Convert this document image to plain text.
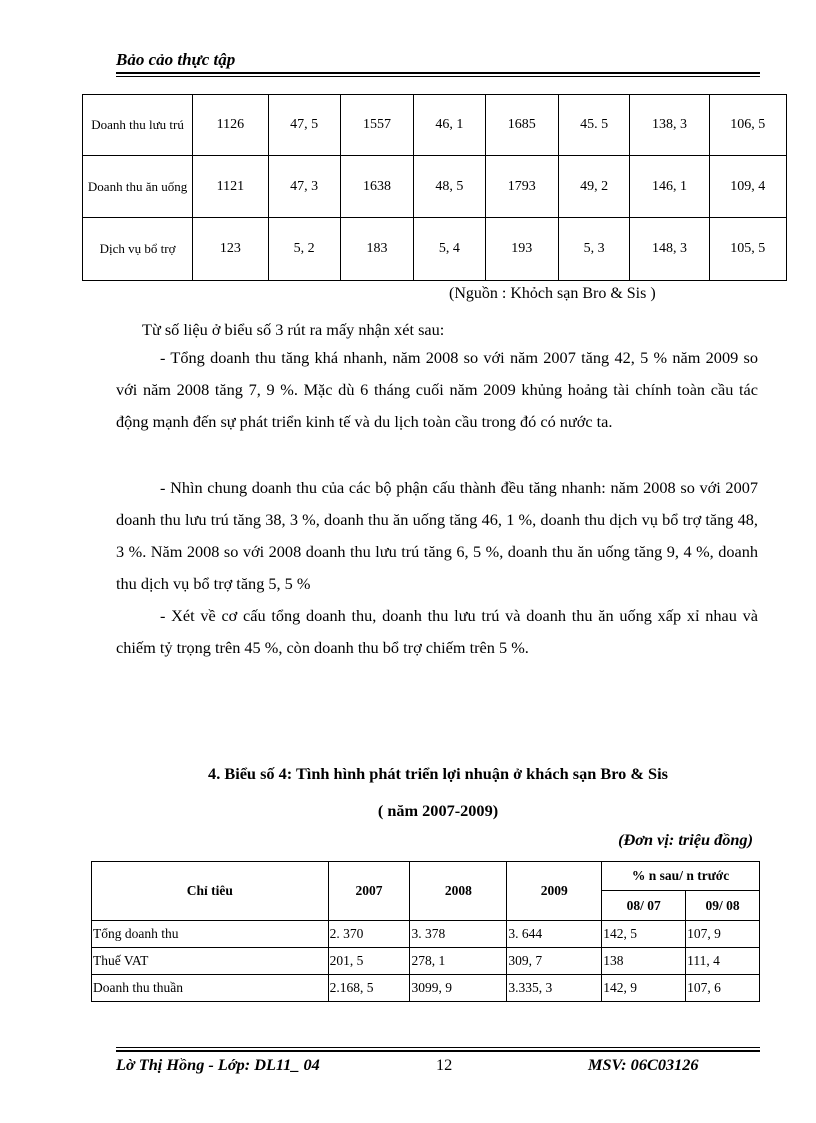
Bảo cảo thực tập
Doanh thu lưu trú	1126	47, 5	1557	46, 1	1685	45. 5	138, 3	106, 5
Doanh thu ăn uống	1121	47, 3	1638	48, 5	1793	49, 2	146, 1	109, 4
Dịch vụ bổ trợ	123	5, 2	183	5, 4	193	5, 3	148, 3	105, 5
(Nguồn : Khỏch sạn Bro & Sis )

Từ số liệu ở biểu số 3 rút ra mấy nhận xét sau:

- Tổng doanh thu tăng khá nhanh, năm 2008 so với năm 2007 tăng 42, 5 % năm 2009 so với năm 2008 tăng 7, 9 %. Mặc dù 6 tháng cuối năm 2009 khủng hoảng tài chính toàn cầu tác động mạnh đến sự phát triển kinh tế và du lịch toàn cầu trong đó có nước ta.

- Nhìn chung doanh thu của các bộ phận cấu thành đều tăng nhanh: năm 2008 so với 2007 doanh thu lưu trú tăng 38, 3 %, doanh thu ăn uống tăng 46, 1 %, doanh thu dịch vụ bổ trợ tăng 48, 3 %. Năm 2008 so với 2008 doanh thu lưu trú tăng 6, 5 %, doanh thu ăn uống tăng 9, 4 %, doanh thu dịch vụ bổ trợ tăng 5, 5 %

- Xét về cơ cấu tổng doanh thu, doanh thu lưu trú và doanh thu ăn uống xấp xỉ nhau và chiếm tỷ trọng trên 45 %, còn doanh thu bổ trợ chiếm trên 5 %.

4. Biểu số 4: Tình hình phát triển lợi nhuận ở khách sạn Bro & Sis
( năm 2007-2009)
(Đơn vị: triệu đồng)
Chỉ tiêu	2007	2008	2009	% n sau/ n trước	
				08/ 07	09/ 08
Tổng doanh thu	2. 370	3. 378	3. 644	142, 5	107, 9
Thuế VAT	201, 5	278, 1	309, 7	138	111, 4
Doanh thu thuần	2.168, 5	3099, 9	3.335, 3	142, 9	107, 6
Lờ Thị Hồng - Lớp: DL11_ 04	12	MSV: 06C03126
